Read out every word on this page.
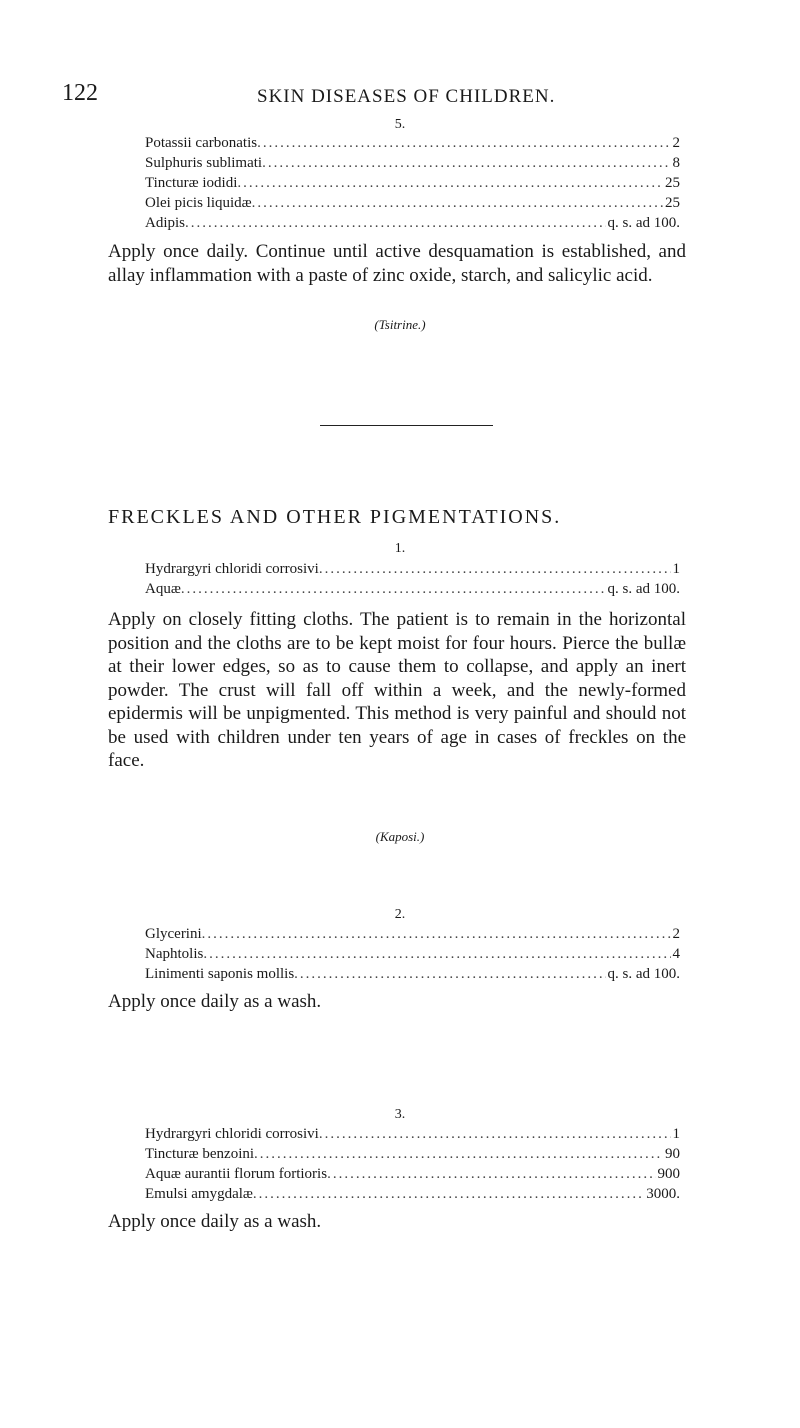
122	SKIN DISEASES OF CHILDREN.
5.
Potassii carbonatis .....	2
Sulphuris sublimati .....	8
Tincturæ iodidi .....	25
Olei picis liquidæ .....	25
Adipis .....	q. s. ad 100.

Apply once daily. Continue until active desquamation is established, and allay inflammation with a paste of zinc oxide, starch, and salicylic acid.

(Tsitrine.)
FRECKLES AND OTHER PIGMENTATIONS.
1.
Hydrargyri chloridi corrosivi .....	1
Aquæ .....	q. s. ad 100.

Apply on closely fitting cloths. The patient is to remain in the horizontal position and the cloths are to be kept moist for four hours. Pierce the bullæ at their lower edges, so as to cause them to collapse, and apply an inert powder. The crust will fall off within a week, and the newly-formed epidermis will be unpigmented. This method is very painful and should not be used with children under ten years of age in cases of freckles on the face.

(Kaposi.)
2.
Glycerini .....	2
Naphtolis .....	4
Linimenti saponis mollis .....	q. s. ad 100.

Apply once daily as a wash.

3.
Hydrargyri chloridi corrosivi .....	1
Tincturæ benzoini .....	90
Aquæ aurantii florum fortioris .....	900
Emulsi amygdalæ .....	3000.

Apply once daily as a wash.
